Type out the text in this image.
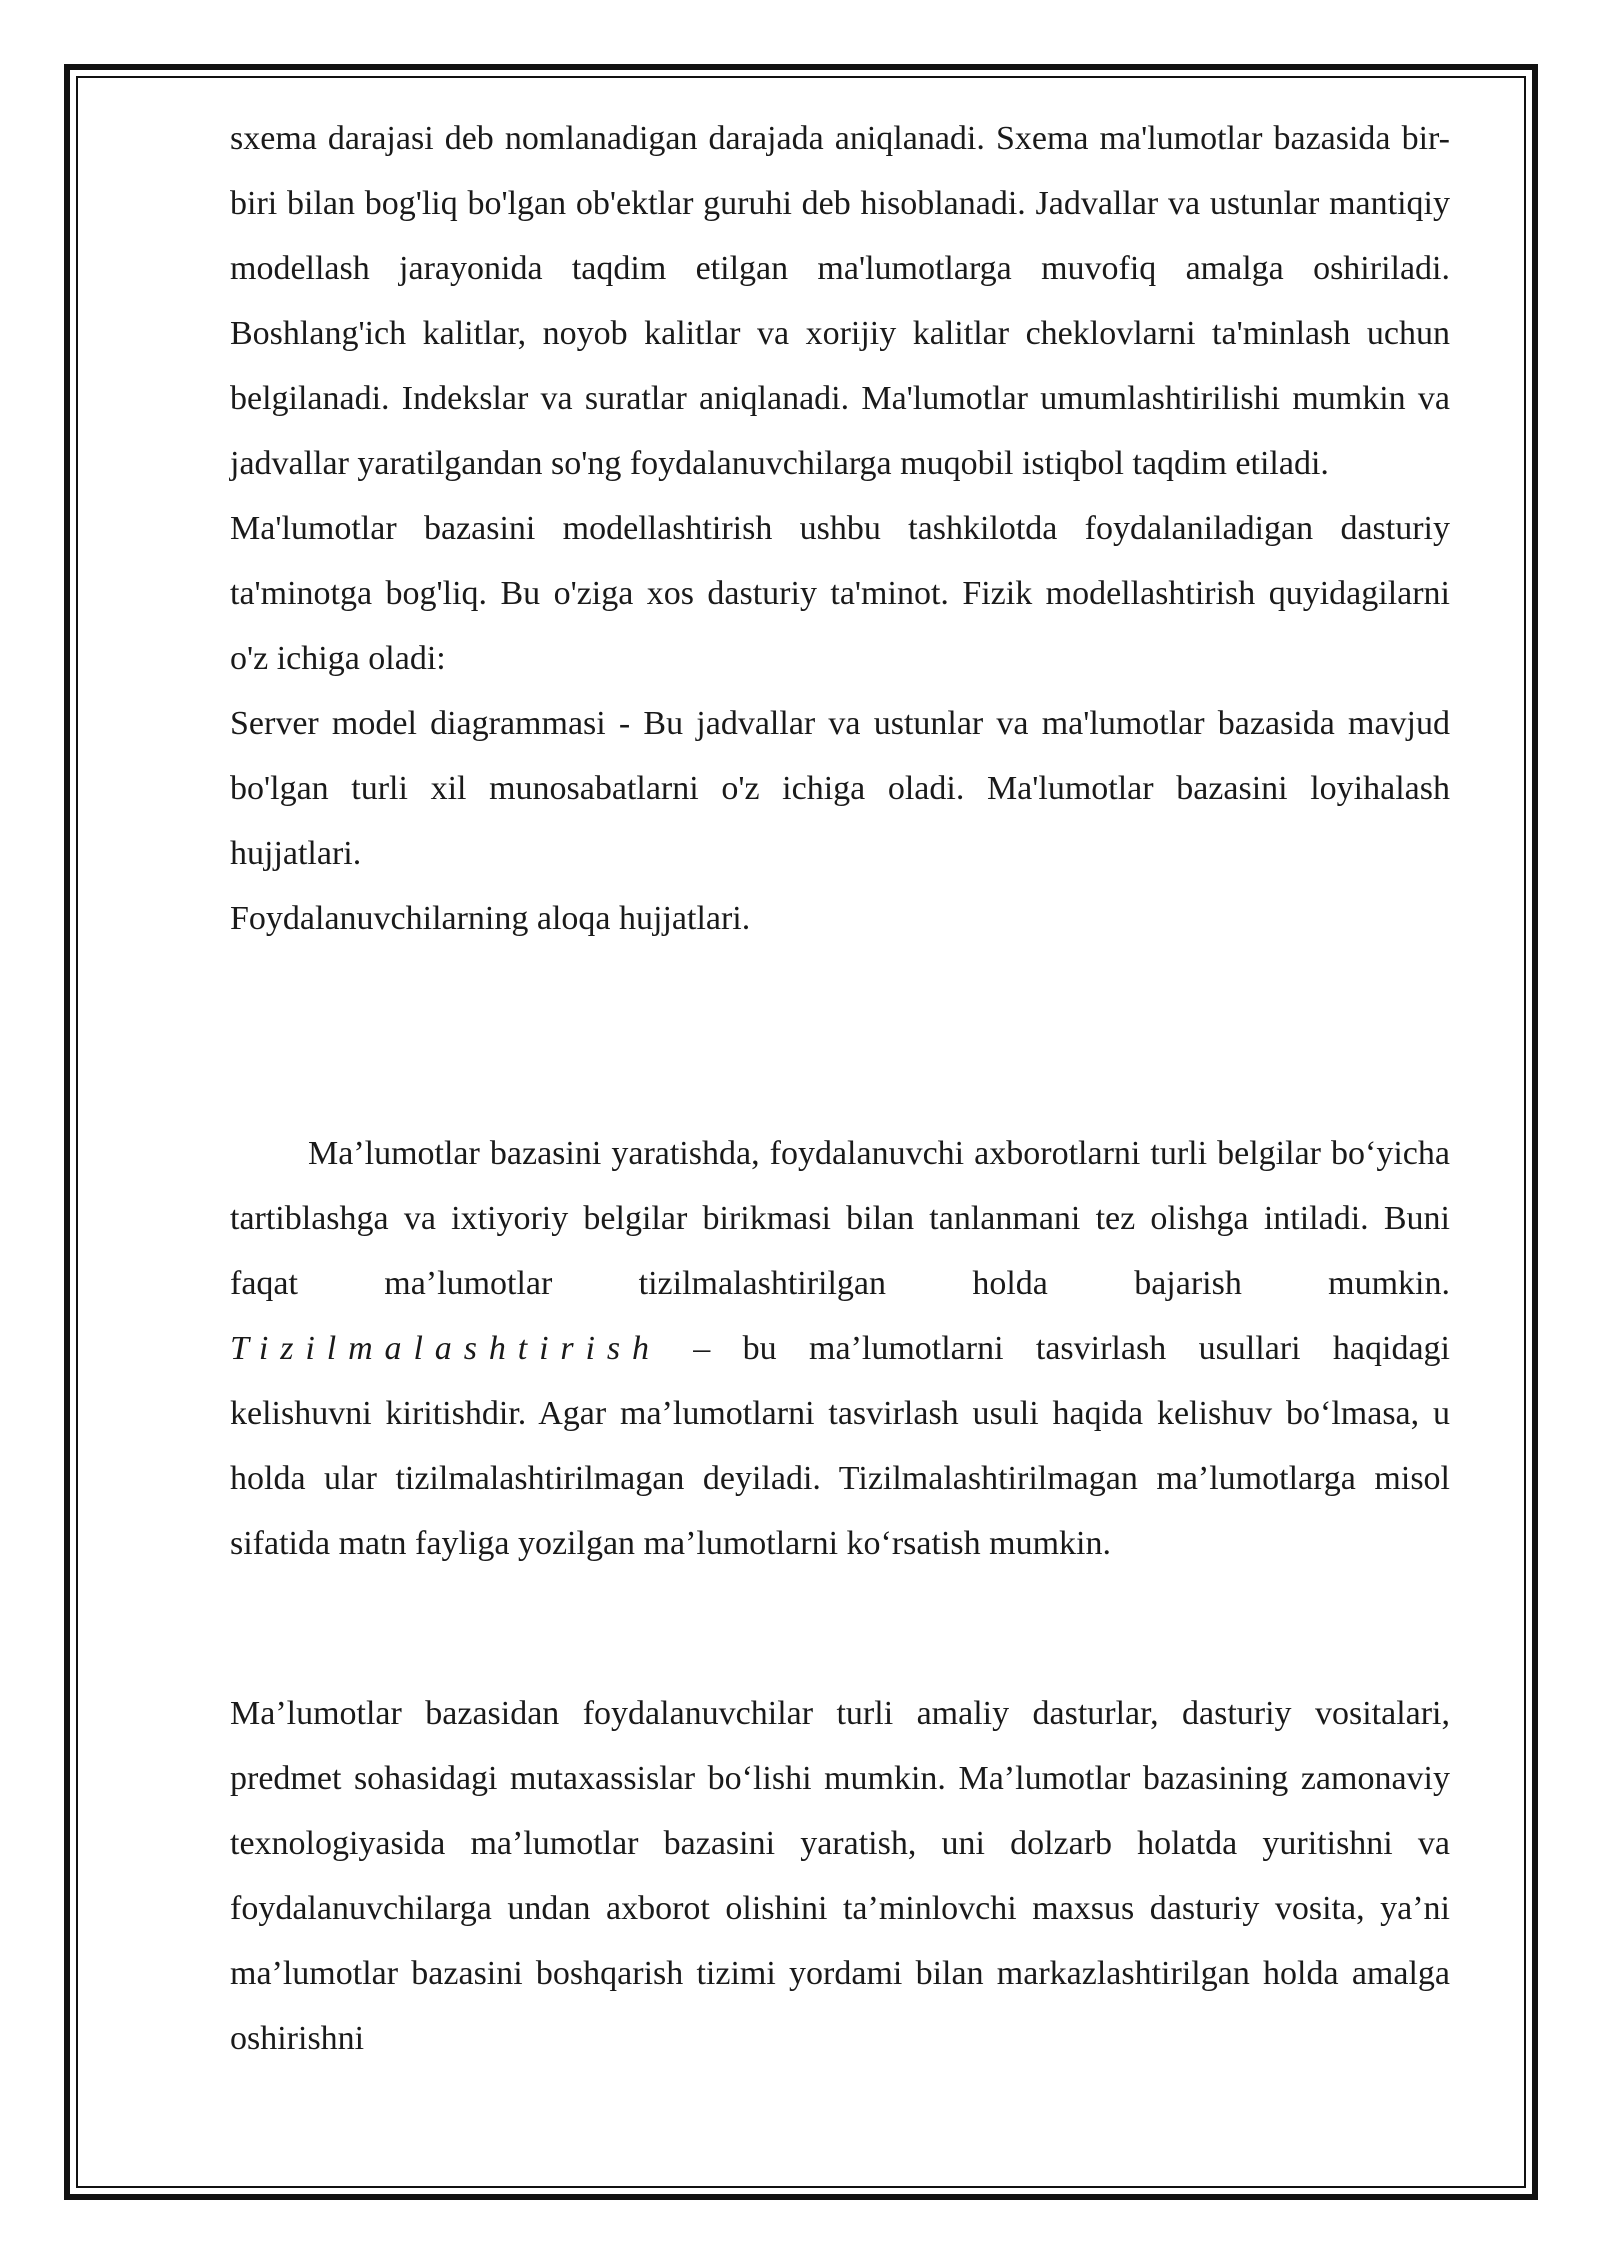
sxema darajasi deb nomlanadigan darajada aniqlanadi. Sxema ma'lumotlar bazasida bir-biri bilan bog'liq bo'lgan ob'ektlar guruhi deb hisoblanadi. Jadvallar va ustunlar mantiqiy modellash jarayonida taqdim etilgan ma'lumotlarga muvofiq amalga oshiriladi. Boshlang'ich kalitlar, noyob kalitlar va xorijiy kalitlar cheklovlarni ta'minlash uchun belgilanadi. Indekslar va suratlar aniqlanadi. Ma'lumotlar umumlashtirilishi mumkin va jadvallar yaratilgandan so'ng foydalanuvchilarga muqobil istiqbol taqdim etiladi.

Ma'lumotlar bazasini modellashtirish ushbu tashkilotda foydalaniladigan dasturiy ta'minotga bog'liq. Bu o'ziga xos dasturiy ta'minot. Fizik modellashtirish quyidagilarni o'z ichiga oladi:

Server model diagrammasi - Bu jadvallar va ustunlar va ma'lumotlar bazasida mavjud bo'lgan turli xil munosabatlarni o'z ichiga oladi. Ma'lumotlar bazasini loyihalash hujjatlari.

Foydalanuvchilarning aloqa hujjatlari.

Ma’lumotlar bazasini yaratishda, foydalanuvchi axborotlarni turli belgilar bo‘yicha tartiblashga va ixtiyoriy belgilar birikmasi bilan tanlanmani tez olishga intiladi. Buni faqat ma’lumotlar tizilmalashtirilgan holda bajarish mumkin. Tizilmalashtirish – bu ma’lumotlarni tasvirlash usullari haqidagi kelishuvni kiritishdir. Agar ma’lumotlarni tasvirlash usuli haqida kelishuv bo‘lmasa, u holda ular tizilmalashtirilmagan deyiladi. Tizilmalashtirilmagan ma’lumotlarga misol sifatida matn fayliga yozilgan ma’lumotlarni ko‘rsatish mumkin.

Ma’lumotlar bazasidan foydalanuvchilar turli amaliy dasturlar, dasturiy vositalari, predmet sohasidagi mutaxassislar bo‘lishi mumkin. Ma’lumotlar bazasining zamonaviy texnologiyasida ma’lumotlar bazasini yaratish, uni dolzarb holatda yuritishni va foydalanuvchilarga undan axborot olishini ta’minlovchi maxsus dasturiy vosita, ya’ni ma’lumotlar bazasini boshqarish tizimi yordami bilan markazlashtirilgan holda amalga oshirishni
